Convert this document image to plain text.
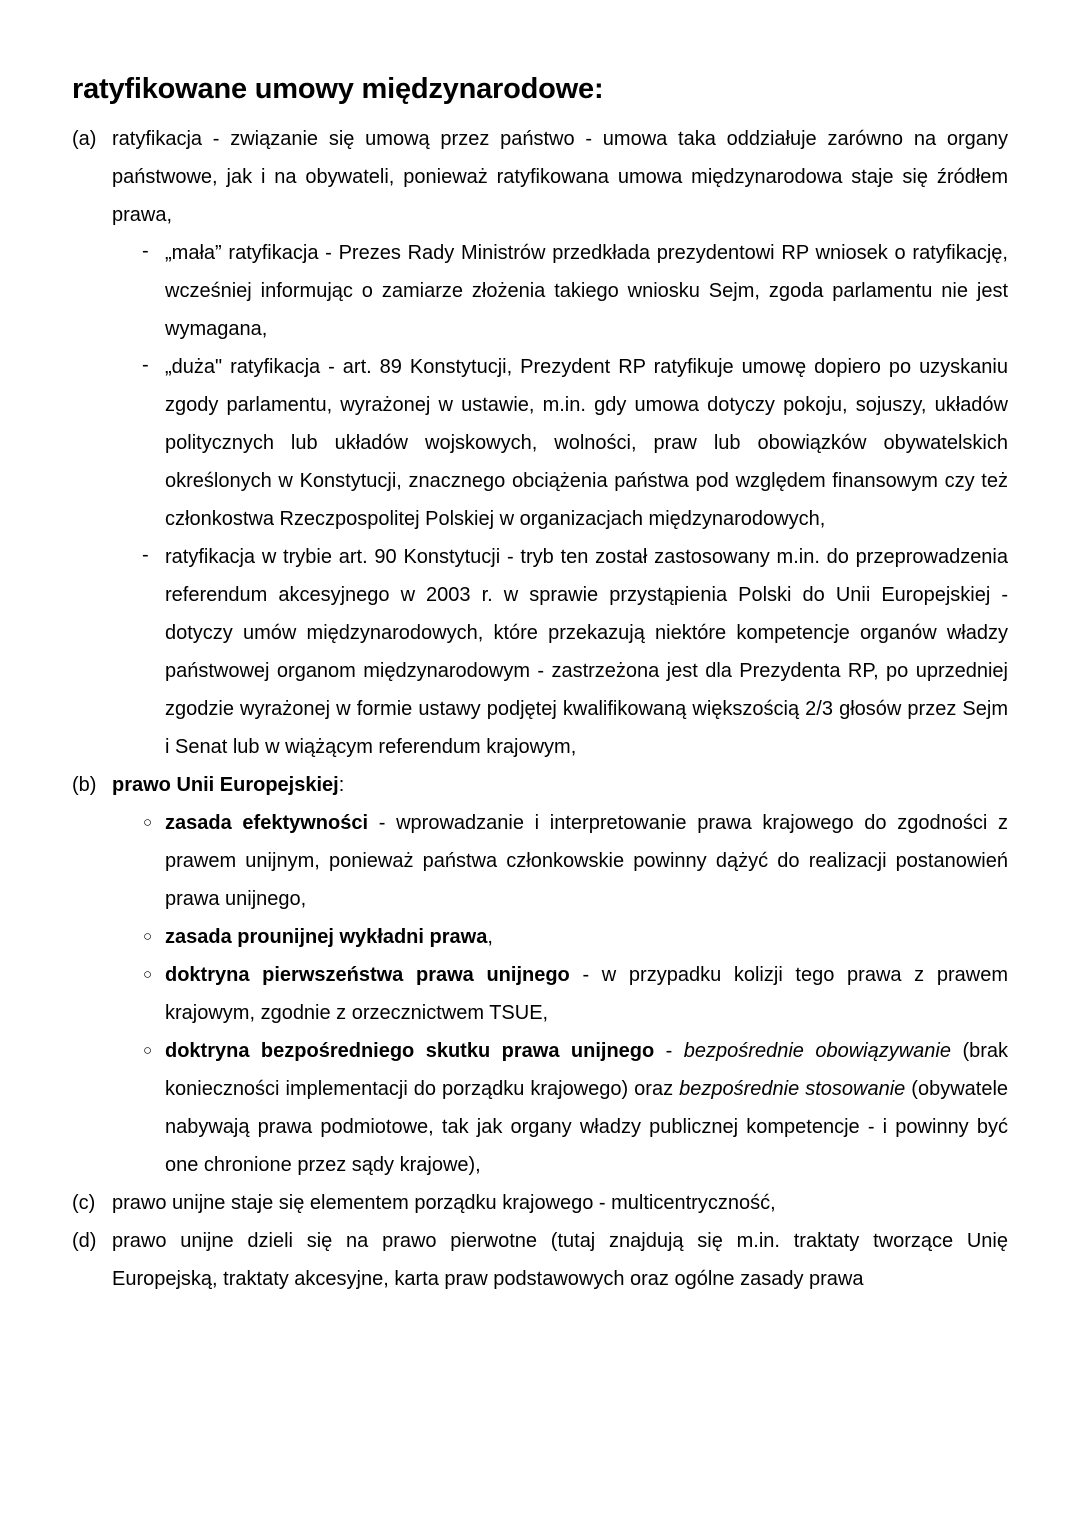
ratyfikowane umowy międzynarodowe:
(a) ratyfikacja - związanie się umową przez państwo - umowa taka oddziałuje zarówno na organy państwowe, jak i na obywateli, ponieważ ratyfikowana umowa międzynarodowa staje się źródłem prawa,
- „mała” ratyfikacja - Prezes Rady Ministrów przedkłada prezydentowi RP wniosek o ratyfikację, wcześniej informując o zamiarze złożenia takiego wniosku Sejm, zgoda parlamentu nie jest wymagana,
- „duża" ratyfikacja - art. 89 Konstytucji, Prezydent RP ratyfikuje umowę dopiero po uzyskaniu zgody parlamentu, wyrażonej w ustawie, m.in. gdy umowa dotyczy pokoju, sojuszy, układów politycznych lub układów wojskowych, wolności, praw lub obowiązków obywatelskich określonych w Konstytucji, znacznego obciążenia państwa pod względem finansowym czy też członkostwa Rzeczpospolitej Polskiej w organizacjach międzynarodowych,
- ratyfikacja w trybie art. 90 Konstytucji - tryb ten został zastosowany m.in. do przeprowadzenia referendum akcesyjnego w 2003 r. w sprawie przystąpienia Polski do Unii Europejskiej - dotyczy umów międzynarodowych, które przekazują niektóre kompetencje organów władzy państwowej organom międzynarodowym - zastrzeżona jest dla Prezydenta RP, po uprzedniej zgodzie wyrażonej w formie ustawy podjętej kwalifikowaną większością 2/3 głosów przez Sejm i Senat lub w wiążącym referendum krajowym,
(b) prawo Unii Europejskiej:
○ zasada efektywności - wprowadzanie i interpretowanie prawa krajowego do zgodności z prawem unijnym, ponieważ państwa członkowskie powinny dążyć do realizacji postanowień prawa unijnego,
○ zasada prounijnej wykładni prawa,
○ doktryna pierwszeństwa prawa unijnego - w przypadku kolizji tego prawa z prawem krajowym, zgodnie z orzecznictwem TSUE,
○ doktryna bezpośredniego skutku prawa unijnego - bezpośrednie obowiązywanie (brak konieczności implementacji do porządku krajowego) oraz bezpośrednie stosowanie (obywatele nabywają prawa podmiotowe, tak jak organy władzy publicznej kompetencje - i powinny być one chronione przez sądy krajowe),
(c) prawo unijne staje się elementem porządku krajowego - multicentryczność,
(d) prawo unijne dzieli się na prawo pierwotne (tutaj znajdują się m.in. traktaty tworzące Unię Europejską, traktaty akcesyjne, karta praw podstawowych oraz ogólne zasady prawa
